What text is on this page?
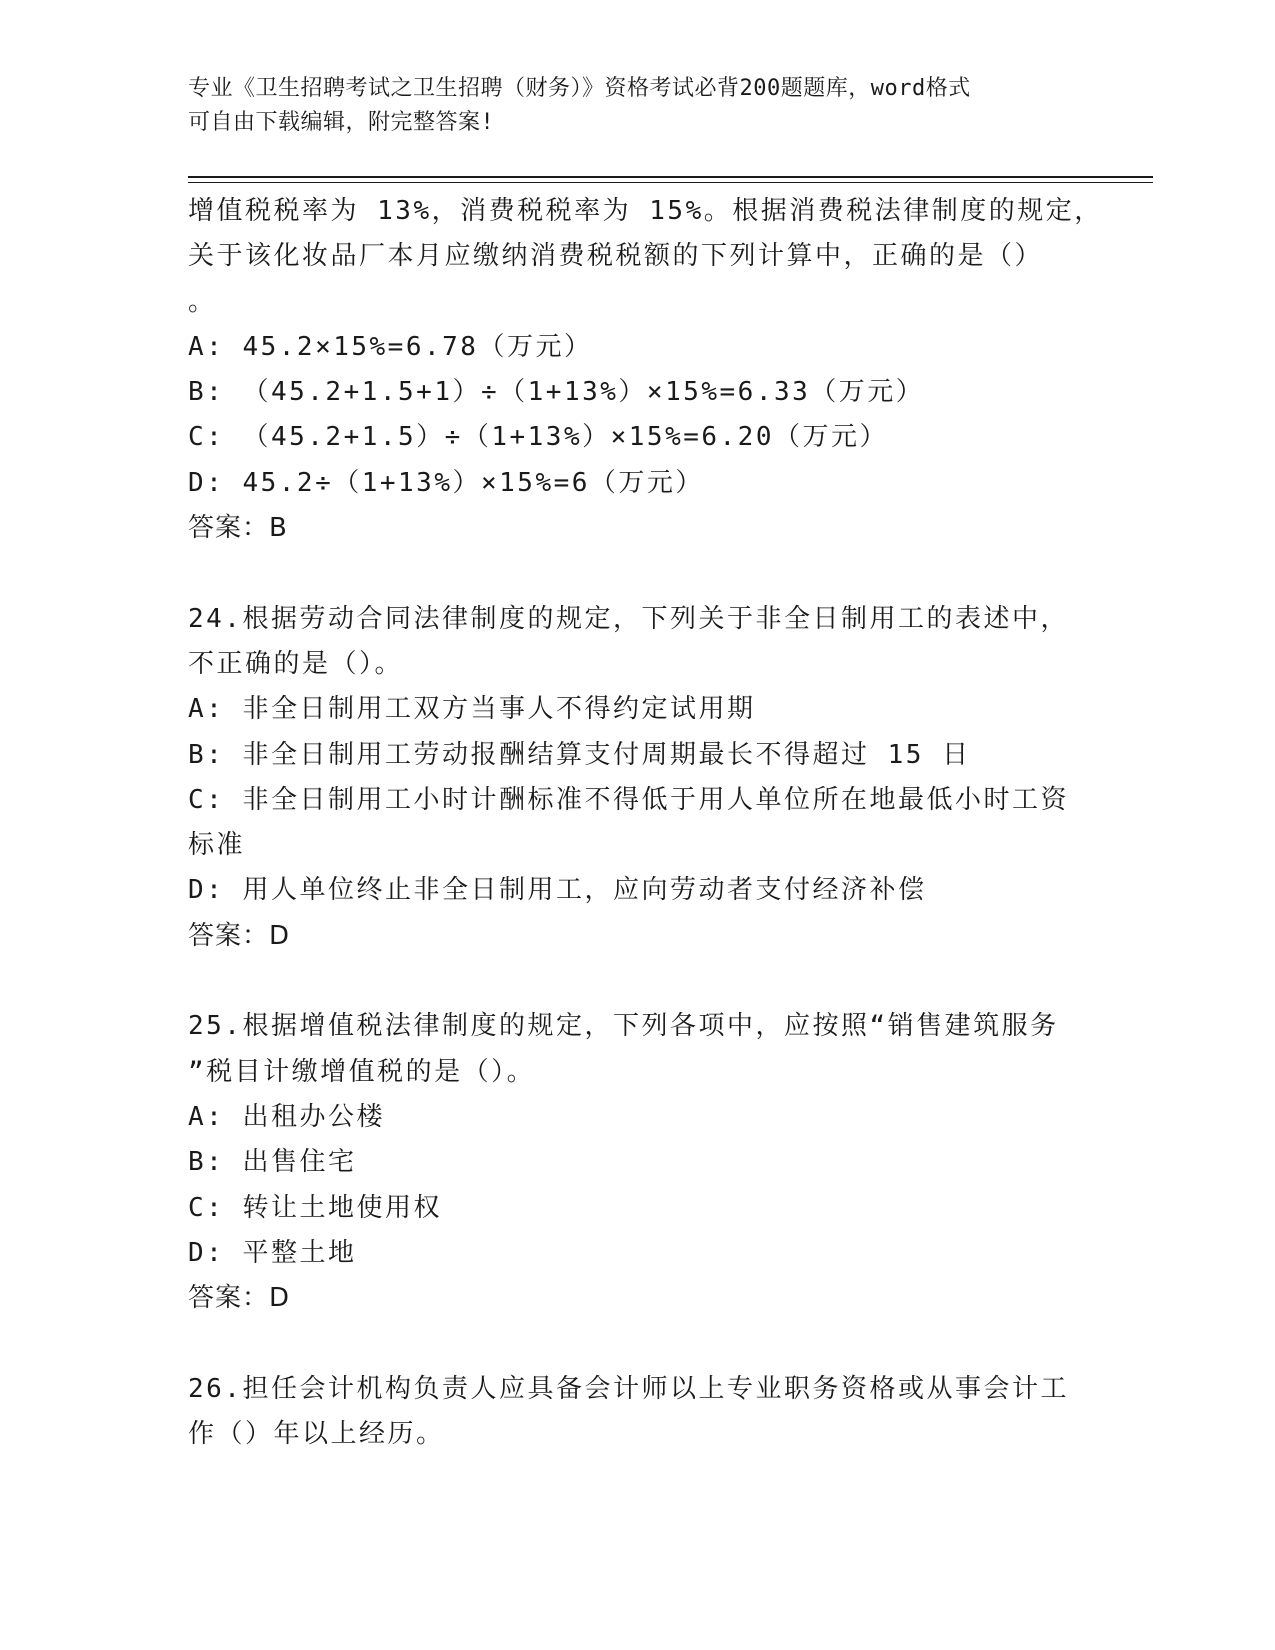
专业《卫生招聘考试之卫生招聘（财务）》资格考试必背200题题库，word格式
可自由下载编辑，附完整答案!
增值税税率为 13%，消费税税率为 15%。根据消费税法律制度的规定，
关于该化妆品厂本月应缴纳消费税税额的下列计算中，正确的是（）
。
A: 45.2×15%=6.78（万元）
B: （45.2+1.5+1）÷（1+13%）×15%=6.33（万元）
C: （45.2+1.5）÷（1+13%）×15%=6.20（万元）
D: 45.2÷（1+13%）×15%=6（万元）
答案：B
24.根据劳动合同法律制度的规定，下列关于非全日制用工的表述中，
不正确的是（）。
A: 非全日制用工双方当事人不得约定试用期
B: 非全日制用工劳动报酬结算支付周期最长不得超过 15 日
C: 非全日制用工小时计酬标准不得低于用人单位所在地最低小时工资
标准
D: 用人单位终止非全日制用工，应向劳动者支付经济补偿
答案：D
25.根据增值税法律制度的规定，下列各项中，应按照“销售建筑服务
”税目计缴增值税的是（）。
A: 出租办公楼
B: 出售住宅
C: 转让土地使用权
D: 平整土地
答案：D
26.担任会计机构负责人应具备会计师以上专业职务资格或从事会计工
作（）年以上经历。
